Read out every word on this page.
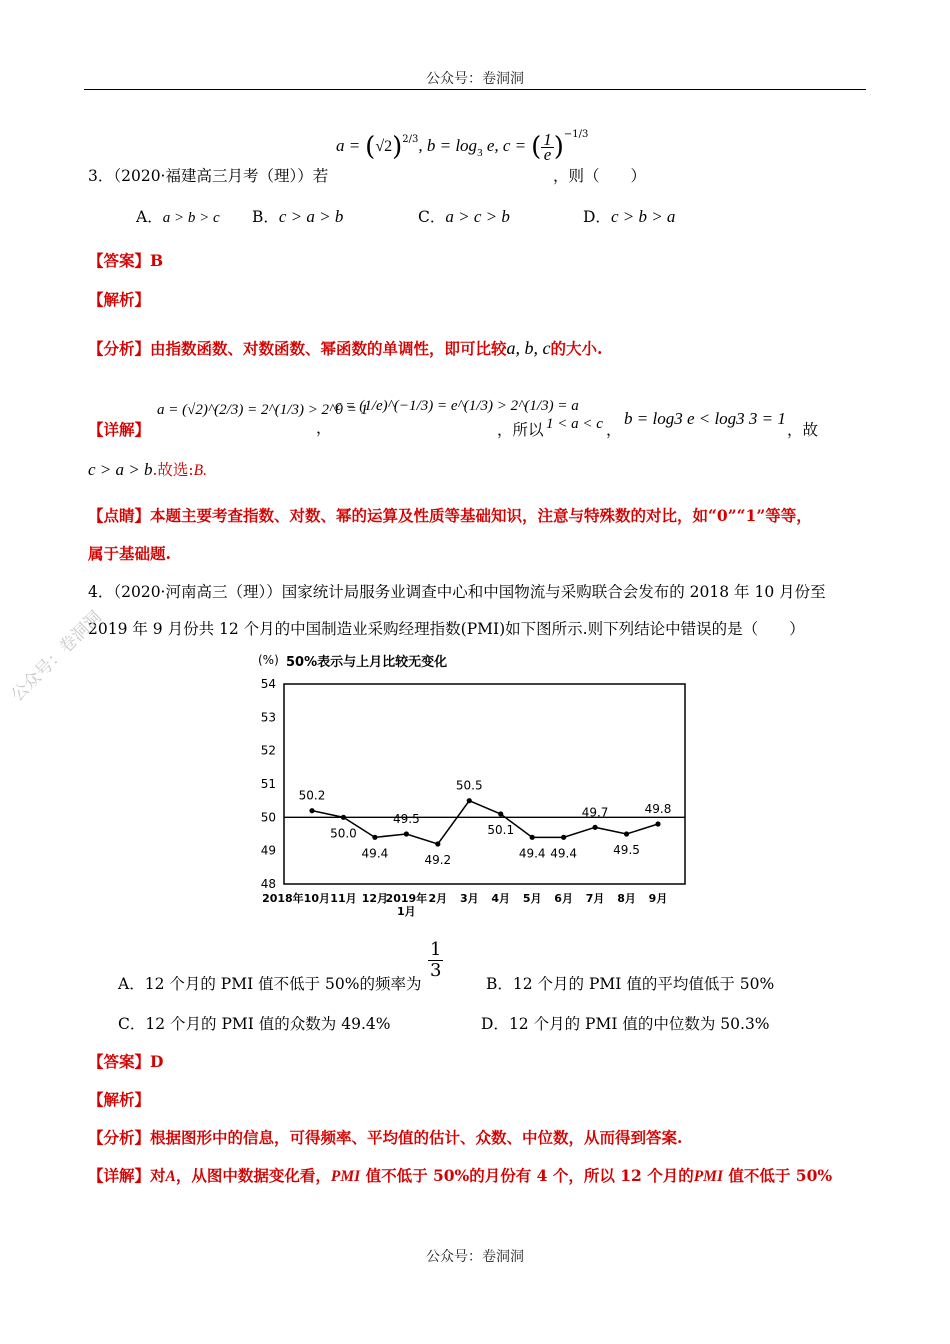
公众号：卷洞洞
$a = (√2)^{2/3}$, $b = \log_3 e$, c = ( $\frac{1}{e} )^{-1/3}$
3．（2020·福建高三月考（理））若	，则（　　）
A．a > b > c B．c > a > b	C．a > c > b	D．c > b > a
【答案】B
【解析】
【分析】由指数函数、对数函数、幂函数的单调性，即可比较a, b, c的大小.
【详解】
a = (√2)^(2/3) = 2^(1/3) > 2^0 = 1
，
c = (1/e)^(−1/3) = e^(1/3) > 2^(1/3) = a
，所以 1 < a < c ，
b = log3 e < log3 3 = 1
，故
c > a > b.故选:B.
【点睛】本题主要考查指数、对数、幂的运算及性质等基础知识，注意与特殊数的对比，如“0”“1”等等，
属于基础题.
4．（2020·河南高三（理））国家统计局服务业调查中心和中国物流与采购联合会发布的 2018 年 10 月份至
2019 年 9 月份共 12 个月的中国制造业采购经理指数(PMI)如下图所示.则下列结论中错误的是（　　）
(%) 50%表示与上月比较无变化
54
53
52
51
50
49
48
50.2
50.0
49.4
49.5
49.2
50.5
50.1
49.4 49.4
49.7
49.5
49.8
2018年10月 11月 12月
2019年 2月 3月 4月 5月 6月 7月 8月 9月
1月
A．12 个月的 PMI 值不低于 50%的频率为
$\frac{1}{3}$
B．12 个月的 PMI 值的平均值低于 50%
C．12 个月的 PMI 值的众数为 49.4%	D．12 个月的 PMI 值的中位数为 50.3%
【答案】D
【解析】
【分析】根据图形中的信息，可得频率、平均值的估计、众数、中位数，从而得到答案.
【详解】对A，从图中数据变化看，PMI 值不低于 50%的月份有 4 个，所以 12 个月的PMI 值不低于 50%
公众号：卷洞洞
公众号：卷洞洞
